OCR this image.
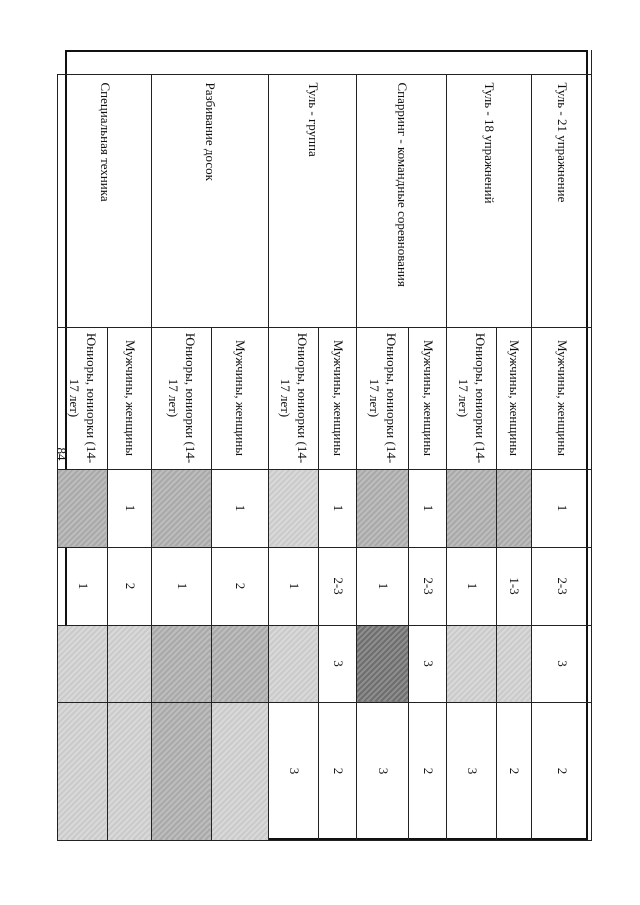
84
	Туль - 21 упражнение	Мужчины, женщины	1	2-3	3	2
	Туль - 18 упражнений	Мужчины, женщины		1-3		2
		Юниоры, юниорки (14-17 лет)		1		3
	Спарринг - командные соревнования	Мужчины, женщины	1	2-3	3	2
		Юниоры, юниорки (14-17 лет)		1		3
	Туль - группа	Мужчины, женщины	1	2-3	3	2
		Юниоры, юниорки (14-17 лет)		1		3
	Разбивание досок	Мужчины, женщины	1	2		
		Юниоры, юниорки (14-17 лет)		1		
	Специальная техника	Мужчины, женщины	1	2		
		Юниоры, юниорки (14-17 лет)		1		
